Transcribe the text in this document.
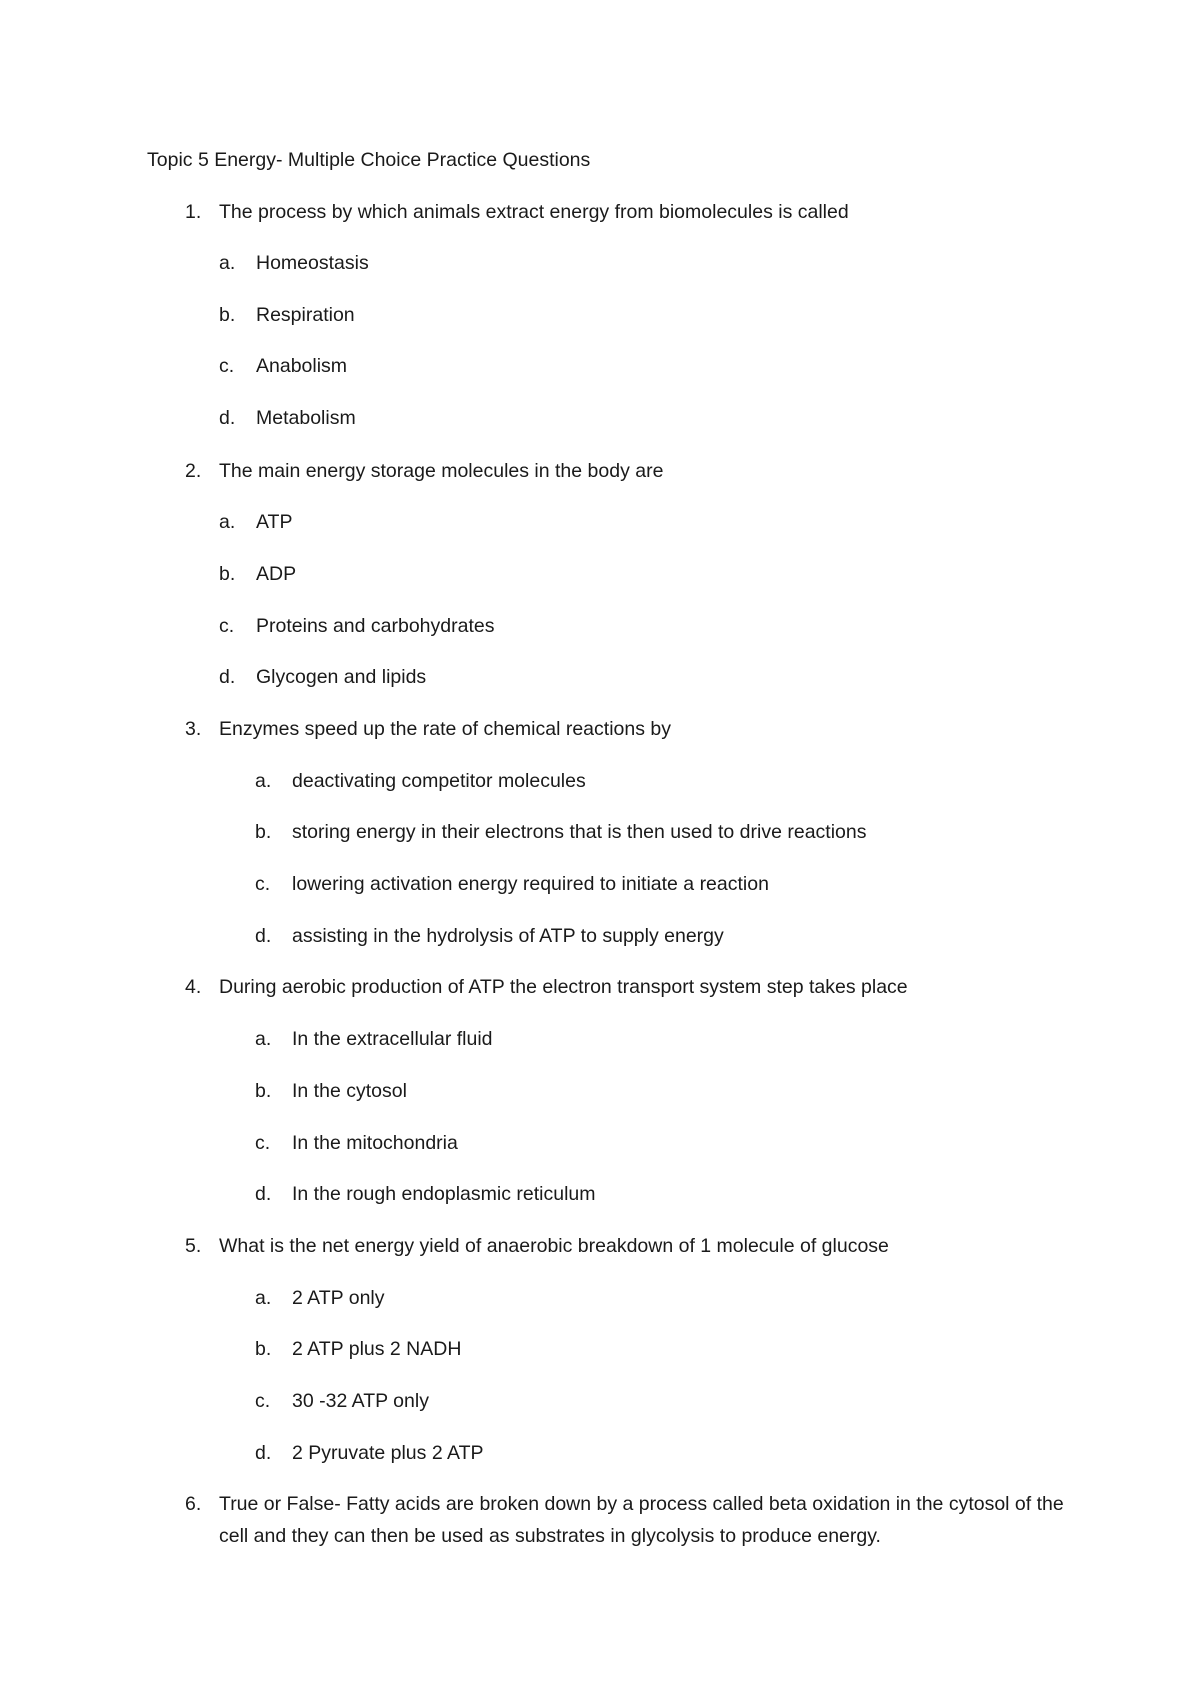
Topic 5 Energy- Multiple Choice Practice Questions
1. The process by which animals extract energy from biomolecules is called
a.	Homeostasis
b.	Respiration
c.	Anabolism
d.	Metabolism
2. The main energy storage molecules in the body are
a.	ATP
b.	ADP
c.	Proteins and carbohydrates
d.	Glycogen and lipids
3. Enzymes speed up the rate of chemical reactions by
a.	deactivating competitor molecules
b.	storing energy in their electrons that is then used to drive reactions
c.	lowering activation energy required to initiate a reaction
d.	assisting in the hydrolysis of ATP to supply energy
4. During aerobic production of ATP the electron transport system step takes place
a.	In the extracellular fluid
b.	In the cytosol
c.	In the mitochondria
d.	In the rough endoplasmic reticulum
5. What is the net energy yield of anaerobic breakdown of 1 molecule of glucose
a.	2 ATP only
b.	2 ATP plus 2 NADH
c.	30 -32 ATP only
d.	2 Pyruvate plus 2 ATP
6. True or False- Fatty acids are broken down by a process called beta oxidation in the cytosol of the cell and they can then be used as substrates in glycolysis to produce energy.
